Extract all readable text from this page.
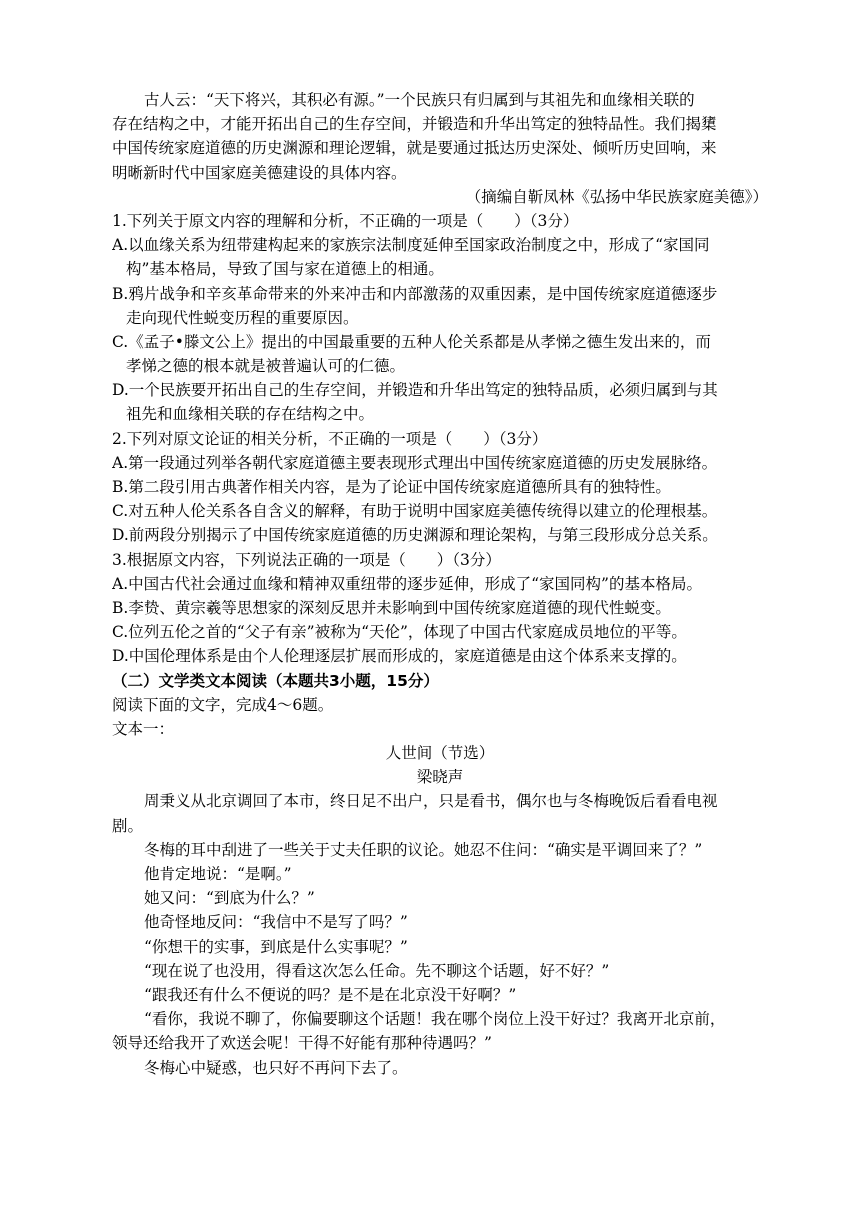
古人云：“天下将兴，其积必有源。”一个民族只有归属到与其祖先和血缘相关联的
存在结构之中，才能开拓出自己的生存空间，并锻造和升华出笃定的独特品性。我们揭橥
中国传统家庭道德的历史渊源和理论逻辑，就是要通过抵达历史深处、倾听历史回响，来
明晰新时代中国家庭美德建设的具体内容。
（摘编自靳凤林《弘扬中华民族家庭美德》）
1.下列关于原文内容的理解和分析，不正确的一项是（　　）（3分）
A.以血缘关系为纽带建构起来的家族宗法制度延伸至国家政治制度之中，形成了“家国同
构”基本格局，导致了国与家在道德上的相通。
B.鸦片战争和辛亥革命带来的外来冲击和内部激荡的双重因素，是中国传统家庭道德逐步
走向现代性蜕变历程的重要原因。
C.《孟子•滕文公上》提出的中国最重要的五种人伦关系都是从孝悌之德生发出来的，而
孝悌之德的根本就是被普遍认可的仁德。
D.一个民族要开拓出自己的生存空间，并锻造和升华出笃定的独特品质，必须归属到与其
祖先和血缘相关联的存在结构之中。
2.下列对原文论证的相关分析，不正确的一项是（　　）（3分）
A.第一段通过列举各朝代家庭道德主要表现形式理出中国传统家庭道德的历史发展脉络。
B.第二段引用古典著作相关内容，是为了论证中国传统家庭道德所具有的独特性。
C.对五种人伦关系各自含义的解释，有助于说明中国家庭美德传统得以建立的伦理根基。
D.前两段分别揭示了中国传统家庭道德的历史渊源和理论架构，与第三段形成分总关系。
3.根据原文内容，下列说法正确的一项是（　　）（3分）
A.中国古代社会通过血缘和精神双重纽带的逐步延伸，形成了“家国同构”的基本格局。
B.李贽、黄宗羲等思想家的深刻反思并未影响到中国传统家庭道德的现代性蜕变。
C.位列五伦之首的“父子有亲”被称为“天伦”，体现了中国古代家庭成员地位的平等。
D.中国伦理体系是由个人伦理逐层扩展而形成的，家庭道德是由这个体系来支撑的。
（二）文学类文本阅读（本题共3小题，15分）
阅读下面的文字，完成4～6题。
文本一：
人世间（节选）
梁晓声
周秉义从北京调回了本市，终日足不出户，只是看书，偶尔也与冬梅晚饭后看看电视
剧。
冬梅的耳中刮进了一些关于丈夫任职的议论。她忍不住问：“确实是平调回来了？”
他肯定地说：“是啊。”
她又问：“到底为什么？”
他奇怪地反问：“我信中不是写了吗？”
“你想干的实事，到底是什么实事呢？”
“现在说了也没用，得看这次怎么任命。先不聊这个话题，好不好？”
“跟我还有什么不便说的吗？是不是在北京没干好啊？”
“看你，我说不聊了，你偏要聊这个话题！我在哪个岗位上没干好过？我离开北京前，
领导还给我开了欢送会呢！干得不好能有那种待遇吗？”
冬梅心中疑惑，也只好不再问下去了。
